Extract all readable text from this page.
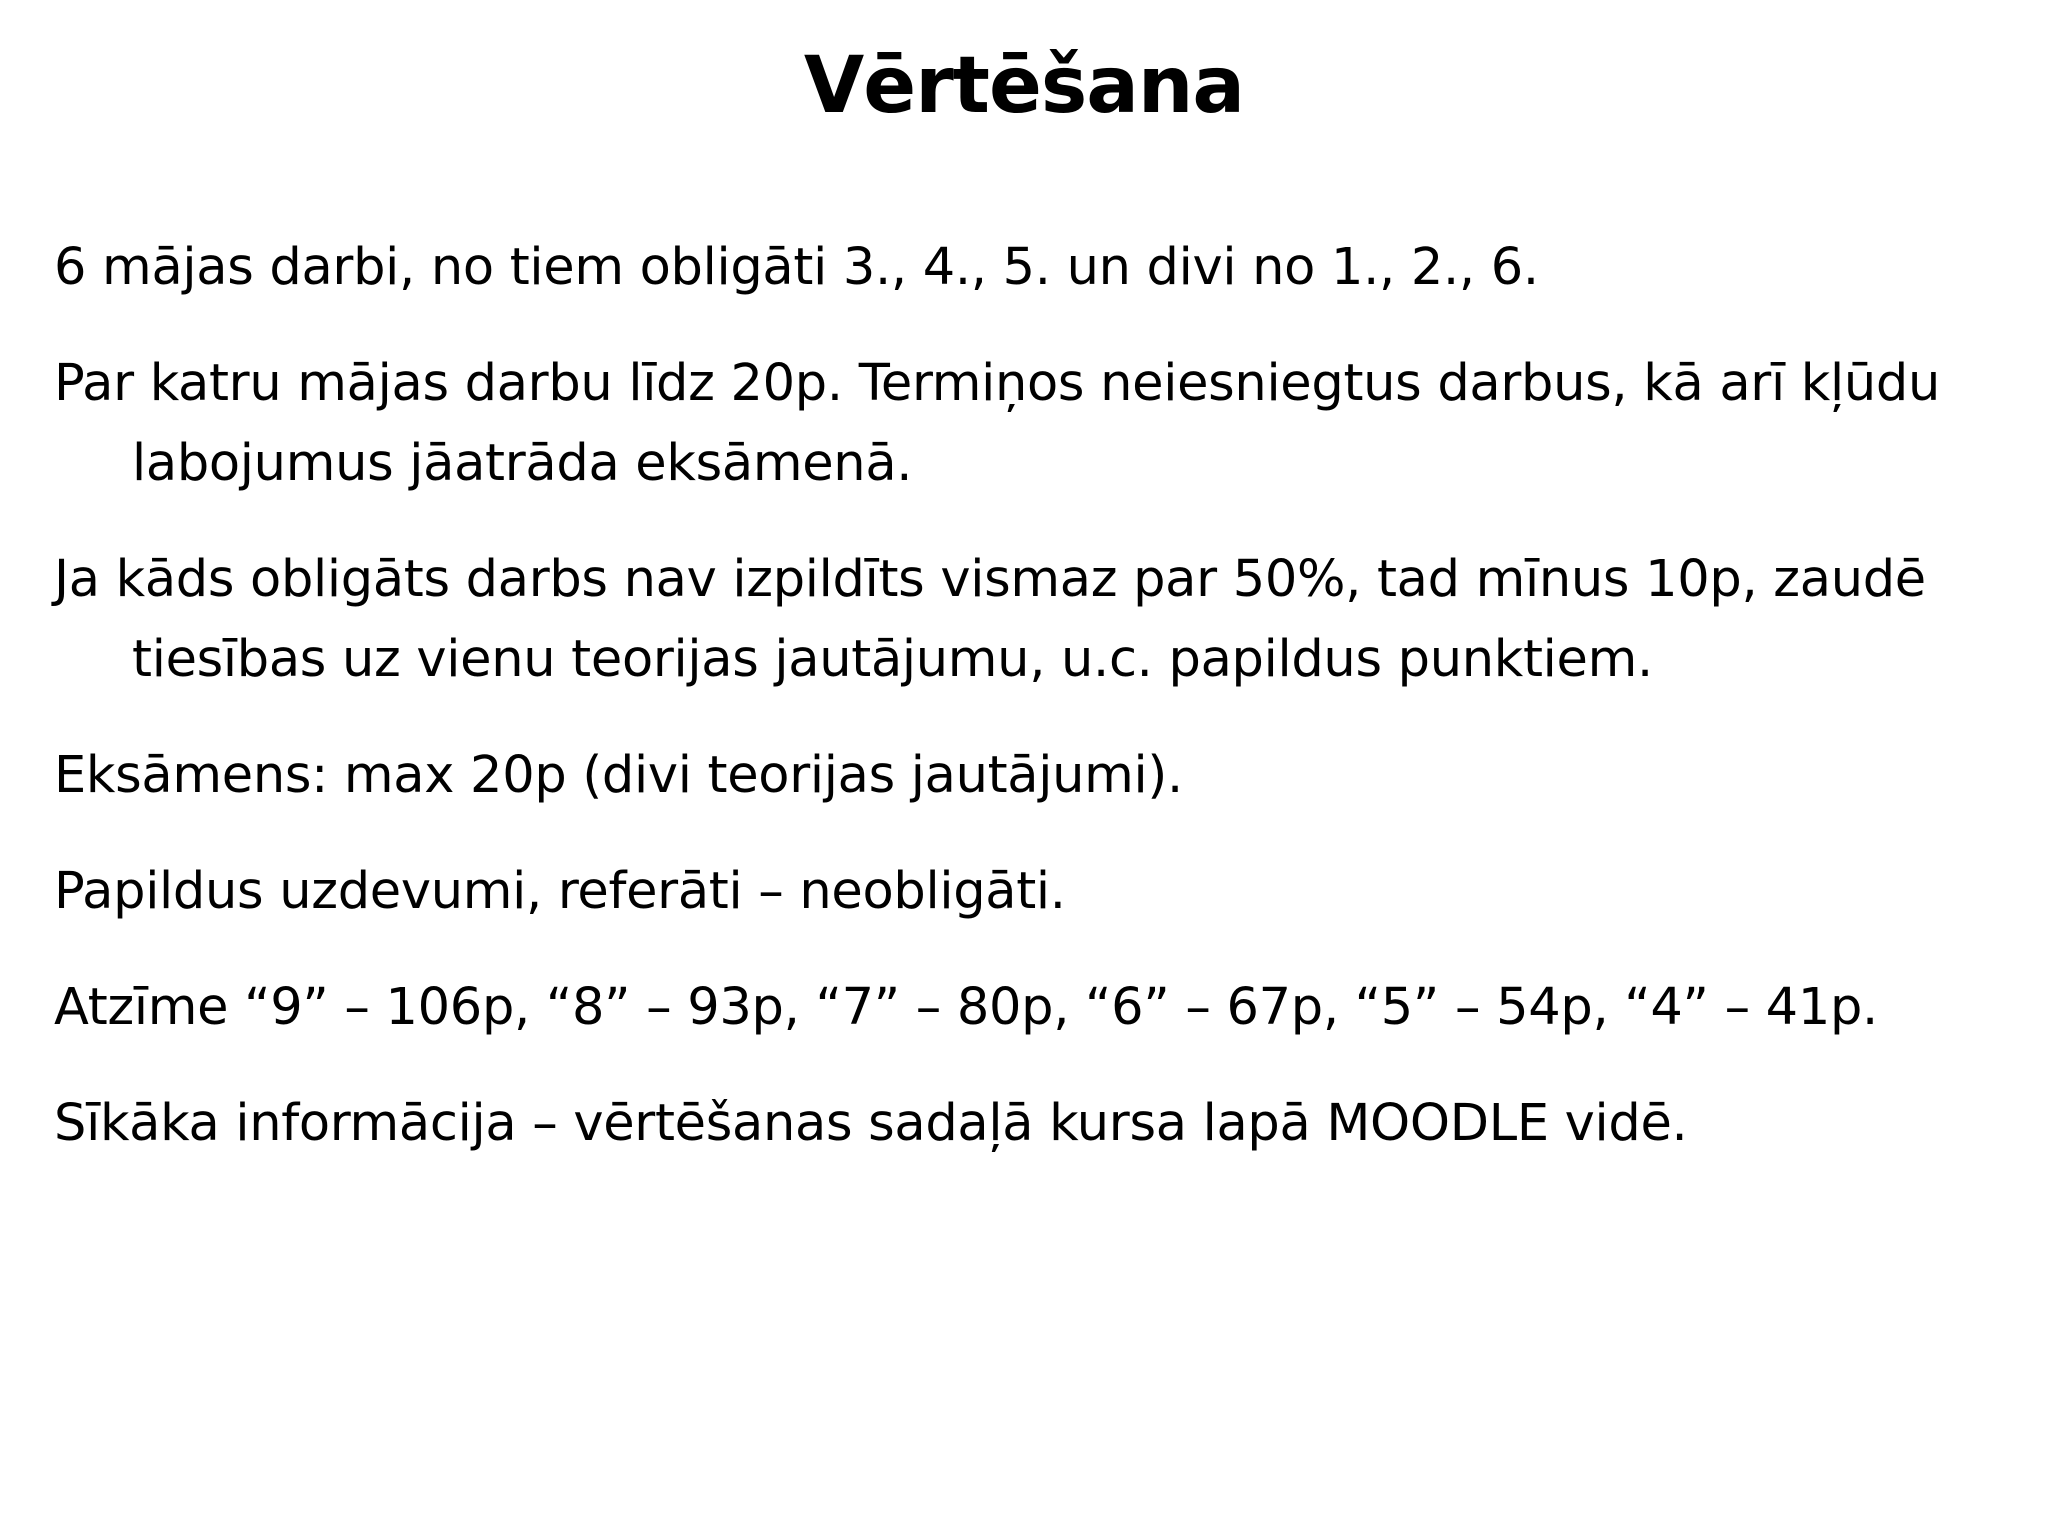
Vērtēšana

6 mājas darbi, no tiem obligāti 3., 4., 5. un divi no 1., 2., 6.

Par katru mājas darbu līdz 20p. Termiņos neiesniegtus darbus, kā arī kļūdu labojumus jāatrāda eksāmenā.

Ja kāds obligāts darbs nav izpildīts vismaz par 50%, tad mīnus 10p, zaudē tiesības uz vienu teorijas jautājumu, u.c. papildus punktiem.

Eksāmens: max 20p (divi teorijas jautājumi).

Papildus uzdevumi, referāti – neobligāti.

Atzīme “9” – 106p, “8” – 93p, “7” – 80p, “6” – 67p, “5” – 54p, “4” – 41p.

Sīkāka informācija – vērtēšanas sadaļā kursa lapā MOODLE vidē.
